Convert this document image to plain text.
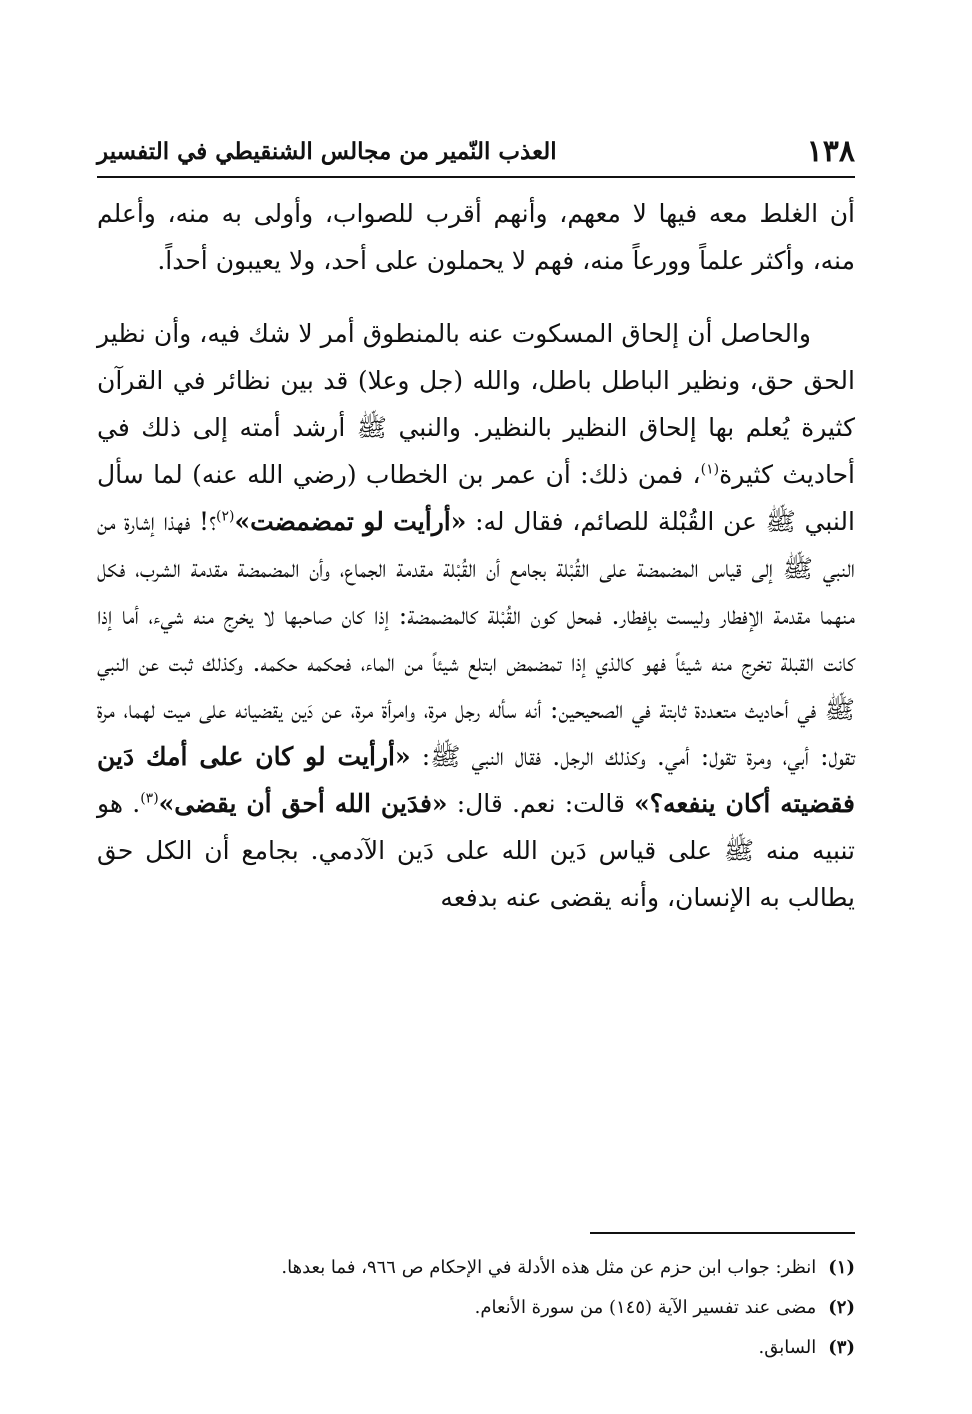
١٣٨
العذب النّمير من مجالس الشنقيطي في التفسير

أن الغلط معه فيها لا معهم، وأنهم أقرب للصواب، وأولى به منه، وأعلم منه، وأكثر علماً وورعاً منه، فهم لا يحملون على أحد، ولا يعيبون أحداً.

والحاصل أن إلحاق المسكوت عنه بالمنطوق أمر لا شك فيه، وأن نظير الحق حق، ونظير الباطل باطل، والله (جل وعلا) قد بين نظائر في القرآن كثيرة يُعلم بها إلحاق النظير بالنظير. والنبي ﷺ أرشد أمته إلى ذلك في أحاديث كثيرة$^{(١)}$، فمن ذلك: أن عمر بن الخطاب (رضي الله عنه) لما سأل النبي ﷺ عن القُبْلة للصائم، فقال له: «أرأيت لو تمضمضت»$^{(٢)}$؟! فهذا إشارة من النبي ﷺ إلى قياس المضمضة على القُبْلة بجامع أن القُبْلة مقدمة الجماع، وأن المضمضة مقدمة الشرب، فكل منهما مقدمة الإفطار وليست بإفطار. فمحل كون القُبْلة كالمضمضة: إذا كان صاحبها لا يخرج منه شيء، أما إذا كانت القبلة تخرج منه شيئاً فهو كالذي إذا تمضمض ابتلع شيئاً من الماء، فحكمه حكمه. وكذلك ثبت عن النبي ﷺ في أحاديث متعددة ثابتة في الصحيحين: أنه سأله رجل مرة، وامرأة مرة، عن دَين يقضيانه على ميت لهما، مرة تقول: أبي، ومرة تقول: أمي. وكذلك الرجل. فقال النبي ﷺ: «أرأيت لو كان على أمك دَين فقضيته أكان ينفعه؟» قالت: نعم. قال: «فدَين الله أحق أن يقضى»$^{(٣)}$. هو تنبيه منه ﷺ على قياس دَين الله على دَين الآدمي. بجامع أن الكل حق يطالب به الإنسان، وأنه يقضى عنه بدفعه

(١)
انظر: جواب ابن حزم عن مثل هذه الأدلة في الإحكام ص ٩٦٦، فما بعدها.

(٢)
مضى عند تفسير الآية (١٤٥) من سورة الأنعام.

(٣)
السابق.
